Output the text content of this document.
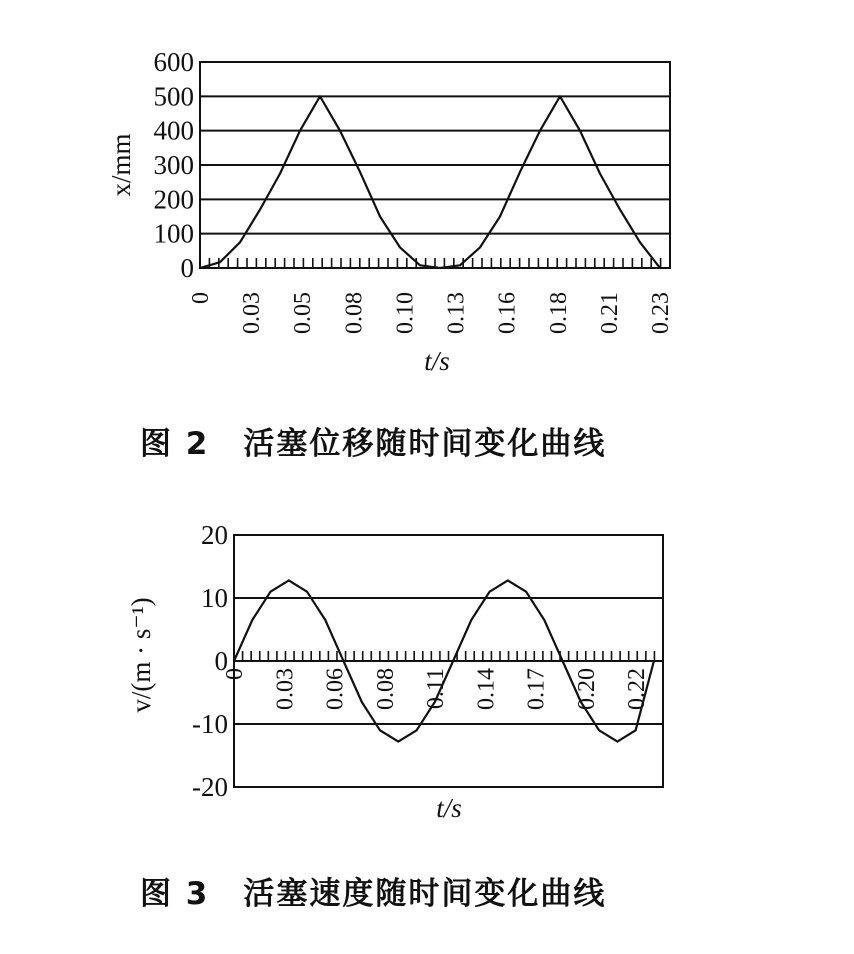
0
100
200
300
400
500
600
0 0.03 0.05 0.08 0.10 0.13 0.16 0.18 0.21 0.23
t/s
x/mm
20
10
0
-10
-20
0 0.03 0.06 0.08 0.11 0.14 0.17 0.20 0.22
t/s
v/(m · s⁻¹)
图 2 活塞位移随时间变化曲线
图 3 活塞速度随时间变化曲线
